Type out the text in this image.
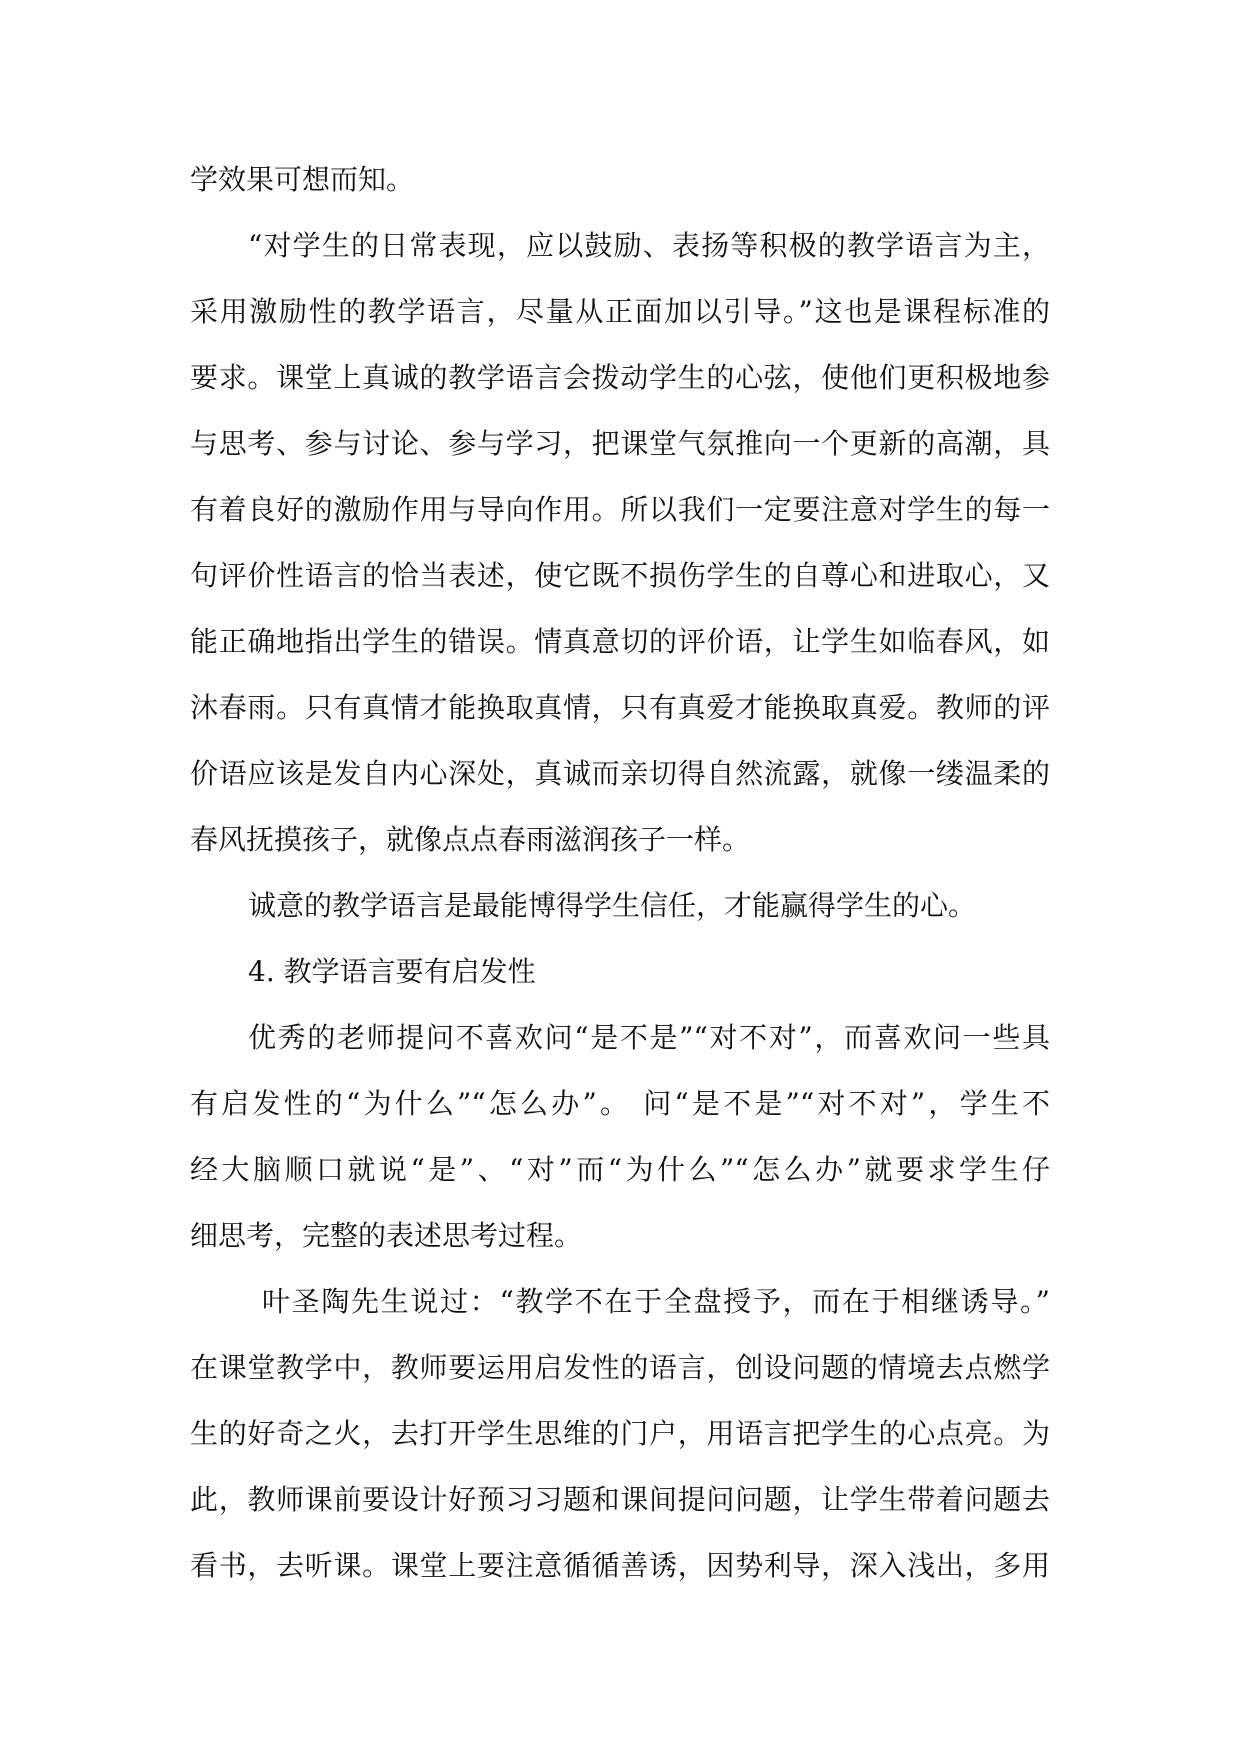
学效果可想而知。
“对学生的日常表现，应以鼓励、表扬等积极的教学语言为主，
采用激励性的教学语言，尽量从正面加以引导。”这也是课程标准的
要求。课堂上真诚的教学语言会拨动学生的心弦，使他们更积极地参
与思考、参与讨论、参与学习，把课堂气氛推向一个更新的高潮，具
有着良好的激励作用与导向作用。所以我们一定要注意对学生的每一
句评价性语言的恰当表述，使它既不损伤学生的自尊心和进取心，又
能正确地指出学生的错误。情真意切的评价语，让学生如临春风，如
沐春雨。只有真情才能换取真情，只有真爱才能换取真爱。教师的评
价语应该是发自内心深处，真诚而亲切得自然流露，就像一缕温柔的
春风抚摸孩子，就像点点春雨滋润孩子一样。
诚意的教学语言是最能博得学生信任，才能赢得学生的心。
4. 教学语言要有启发性
优秀的老师提问不喜欢问“是不是”“对不对”，而喜欢问一些具
有启发性的“为什么”“怎么办”。 问“是不是”“对不对”，学生不
经大脑顺口就说“是”、“对”而“为什么”“怎么办”就要求学生仔
细思考，完整的表述思考过程。
叶圣陶先生说过：“教学不在于全盘授予，而在于相继诱导。”
在课堂教学中，教师要运用启发性的语言，创设问题的情境去点燃学
生的好奇之火，去打开学生思维的门户，用语言把学生的心点亮。为
此，教师课前要设计好预习习题和课间提问问题，让学生带着问题去
看书，去听课。课堂上要注意循循善诱，因势利导，深入浅出，多用
